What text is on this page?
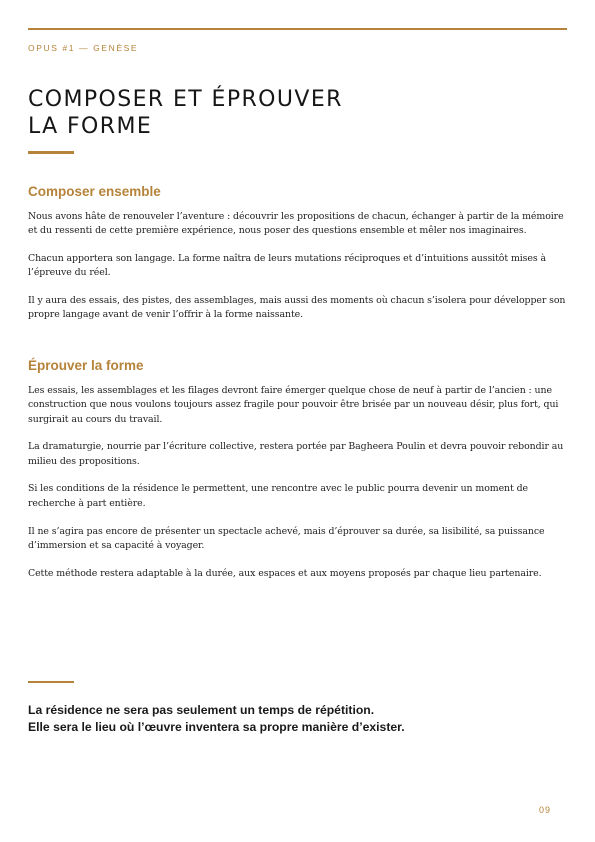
OPUS #1 — GENÈSE
COMPOSER ET ÉPROUVER
LA FORME
Composer ensemble

Nous avons hâte de renouveler l’aventure : découvrir les propositions de chacun, échanger à partir de la mémoire et du ressenti de cette première expérience, nous poser des questions ensemble et mêler nos imaginaires.

Chacun apportera son langage. La forme naîtra de leurs mutations réciproques et d’intuitions aussitôt mises à l’épreuve du réel.

Il y aura des essais, des pistes, des assemblages, mais aussi des moments où chacun s’isolera pour développer son propre langage avant de venir l’offrir à la forme naissante.

Éprouver la forme

Les essais, les assemblages et les filages devront faire émerger quelque chose de neuf à partir de l’ancien : une construction que nous voulons toujours assez fragile pour pouvoir être brisée par un nouveau désir, plus fort, qui surgirait au cours du travail.

La dramaturgie, nourrie par l’écriture collective, restera portée par Bagheera Poulin et devra pouvoir rebondir au milieu des propositions.

Si les conditions de la résidence le permettent, une rencontre avec le public pourra devenir un moment de recherche à part entière.

Il ne s’agira pas encore de présenter un spectacle achevé, mais d’éprouver sa durée, sa lisibilité, sa puissance d’immersion et sa capacité à voyager.

Cette méthode restera adaptable à la durée, aux espaces et aux moyens proposés par chaque lieu partenaire.

La résidence ne sera pas seulement un temps de répétition.
Elle sera le lieu où l’œuvre inventera sa propre manière d’exister.
09
